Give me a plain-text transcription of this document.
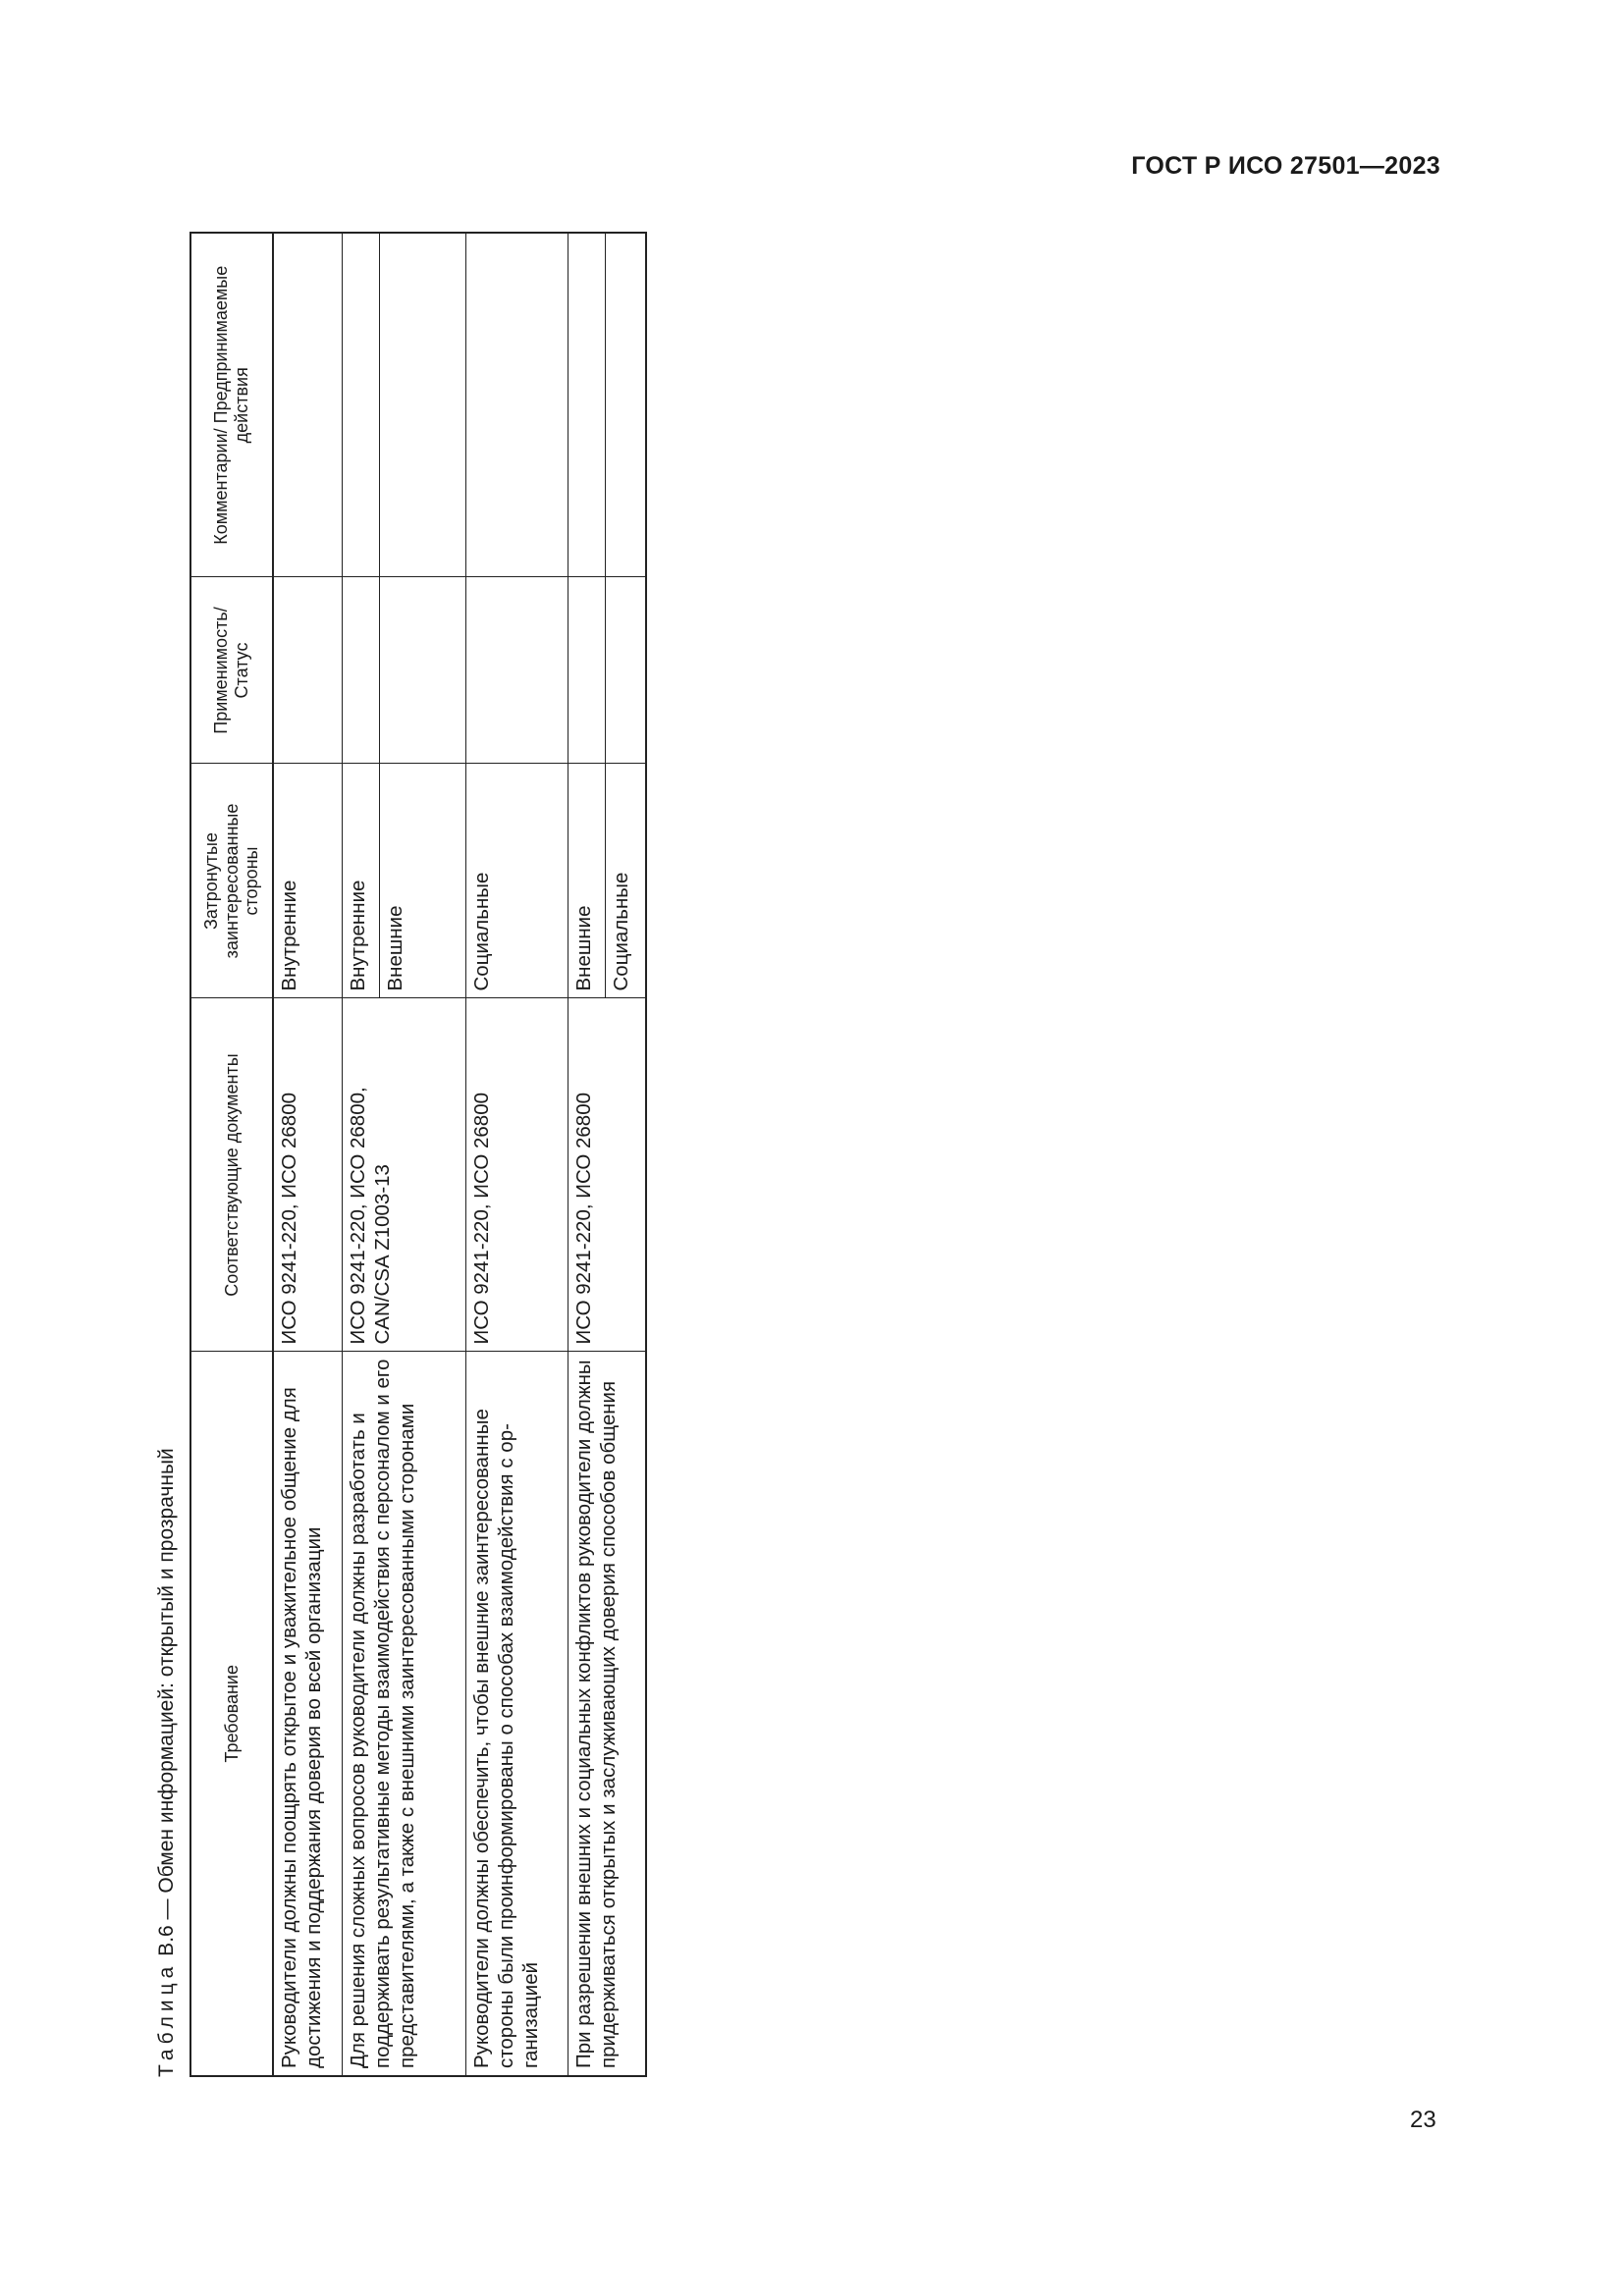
ГОСТ Р ИСО 27501—2023
Таблица В.6 — Обмен информацией: открытый и прозрачный	Требование	Соответствующие документы	Затронутые заинтересованные стороны	Применимость/ Статус	Комментарии/ Предпринимаемые действия
Руководители должны поощрять открытое и уважительное общение для достижения и поддержания доверия во всей организации	ИСО 9241-220, ИСО 26800	Внутренние		
Для решения сложных вопросов руководители должны разработать и поддерживать результативные методы взаимодействия с персоналом и его представителями, а также с внешними заинтересованными сторонами	ИСО 9241-220, ИСО 26800, CAN/CSA Z1003-13	Внутренние		
		Внешние		
Руководители должны обеспечить, чтобы внешние заинтересованные стороны были проинформированы о способах взаимодействия с организацией	ИСО 9241-220, ИСО 26800	Социальные		
При разрешении внешних и социальных конфликтов руководители должны придерживаться открытых и заслуживающих доверия способов общения	ИСО 9241-220, ИСО 26800	Внешние		
		Социальные		
23
